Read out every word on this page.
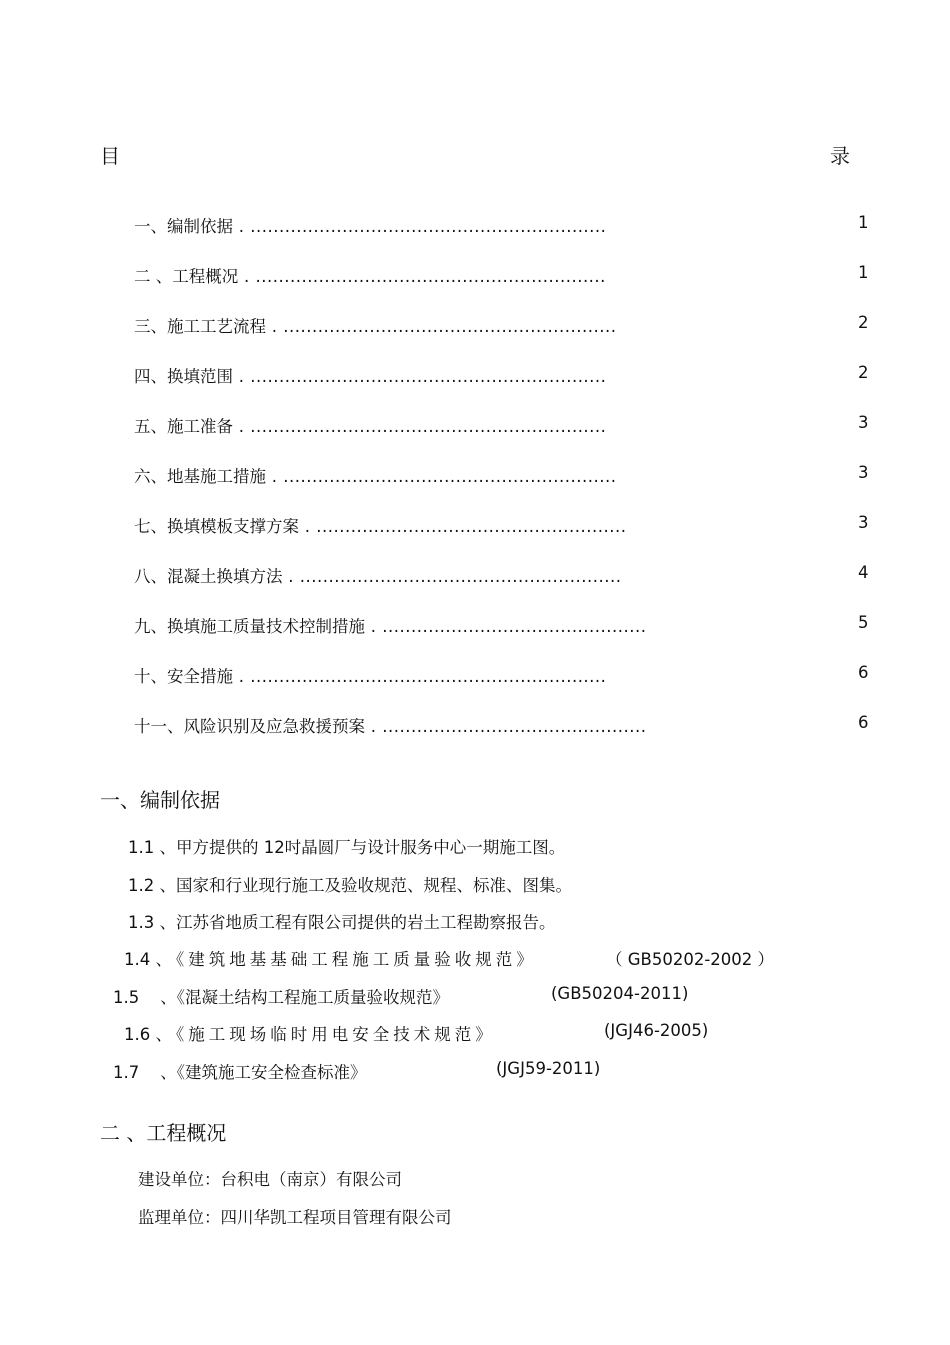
目	录
一、编制依据 . ..............................................................	1
二 、工程概况 . .............................................................	1
三、施工工艺流程 . ..........................................................	2
四、换填范围 . ..............................................................	2
五、施工准备 . ..............................................................	3
六、地基施工措施 . ..........................................................	3
七、换填模板支撑方案 . ......................................................	3
八、混凝土换填方法 . ........................................................	4
九、换填施工质量技术控制措施 . ..............................................	5
十、安全措施 . ..............................................................	6
十一、风险识别及应急救援预案 . ..............................................	6
一、编制依据
1.1 、甲方提供的 12吋晶圆厂与设计服务中心一期施工图。
1.2 、国家和行业现行施工及验收规范、规程、标准、图集。
1.3 、江苏省地质工程有限公司提供的岩土工程勘察报告。
1.4 、《建筑地基基础工程施工质量验收规范》	（ GB50202-2002 ）
1.5 、《混凝土结构工程施工质量验收规范》	(GB50204-2011)
1.6 、《施工现场临时用电安全技术规范》	(JGJ46-2005)
1.7 、《建筑施工安全检查标准》	(JGJ59-2011)
二 、工程概况
建设单位：台积电（南京）有限公司
监理单位：四川华凯工程项目管理有限公司
